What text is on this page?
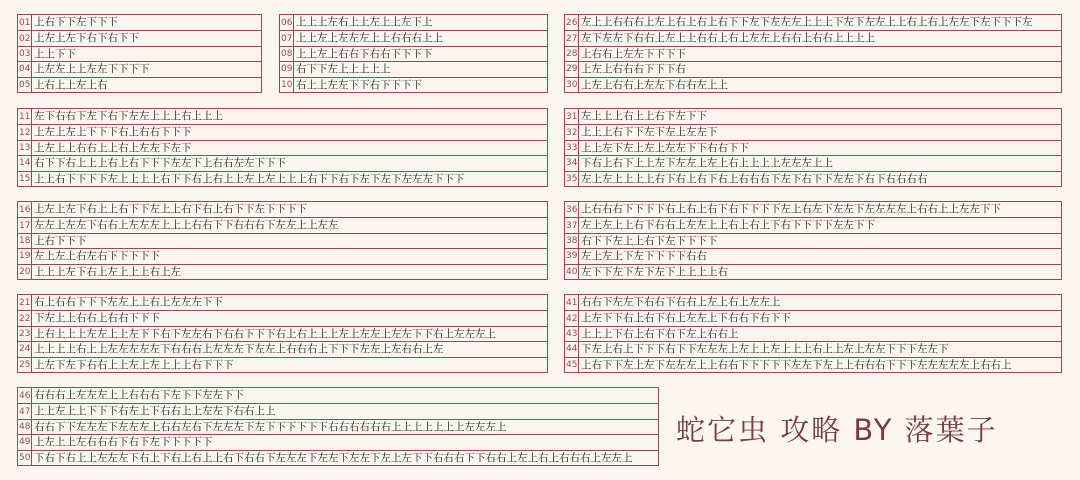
01 上右下下左下下下
02 上左上左下右下右下下
03 上上下下
04 上左左上上左左下下下下
05 上右上上左上右
06 上上上左右上上左上上左下上
07 上上左上左左左上上右右右上上
08 上上左上右右下右右下下下下
09 右下下左上上上上上
10 右上上左左下下右下下下下
26 左上上右右右上左上右上右上右下下左下左左左上上上下左下左左上上右上右上左左下左下下下左
27 左下左左下右右上左上上右右上右上左左上右右上右右上上上上
28 上右右上左左下下下下
29 上左上右右右下下下右
30 上左上右右上左左下右右左上上
11 左下右右下左下右下左左上上上右上上上
12 上左上左上下下下右上右右下下下
13 上左上上右右上上右上左左下左下
14 右下下右上上上右上右下下下左左下上右右左左下下下
15 上上右下下下下左上上上上右下下右上右上上左上左上上上右下下右下左下左下左左左下下下
31 左上上上右上上右下左下下
32 上上上右下下左下左上左左下
33 上上左下左上左上左左下下右右下下
34 下右上右下上上左下左左上左上右上上上上左左左上上
35 左上左上上上上右下右上右下右上右右右下左下右下下左左下右下右右右右
16 上左上左下右上上右下下左上上右下右上右下下左下下下下
17 左左上左左下右右上左左左上上上右右下下右右右下左左上上左左
18 上右下下下
19 左上左上右左右下下下下下
20 上上上左下右上左上上上右上左
36 上右右右下下下下右上右上右下右下下下下左上右左下左左下左左左左上右右上上左左下下
37 左上左上上右下右右上左左上上右上右上下右下下下下左左下下
38 右下下左上上右下左下下下下
39 左上左上下左下下下下右右
40 左下下左下左下左下上上上上右
21 右上右右下下下左左上上右上左左左下下
22 下左上上右右上右右下下下
23 上右上上上左左上上左下下右下左左右下右右下下下右上右上上上左上左左上左左下下右上左左左上
24 上上上上右上上左左左左左下右右右上左左左下左左上右右右上下下下左左上左右右上左
25 上左下左下右右上上左上左上上上右下下下
41 右右下左左下右右下右右上左上右上左左上
42 上左下下右上右下右上左左上下右右下右下下
43 上上上下右上右下右下左上右右上
44 下左上右上下下下右下下左左左上左上上左上上上右上上左上左左下下下左左下
45 上右下下左上左下左左左上上右右下下下下下左左下左上上右右右下下下左左左左左上右右上
46 右右右上左左左上上右右右下左下下左左下下
47 上上左上上下下下右左上下右右上上左左下右右上上
48 右右下下左左左下左左左上右右左右下左左左下左下下下下下下右右右右右右上上上上上上上左左左上
49 上左上上左右右右下右下左下下下下下
50 下右下右上上左左左下右上下右上右上上右下右右下左左左下左左下左左下左上左下下右右右下下右右上左上右上右右右上左左上
蛇它虫 攻略 BY 落葉子
